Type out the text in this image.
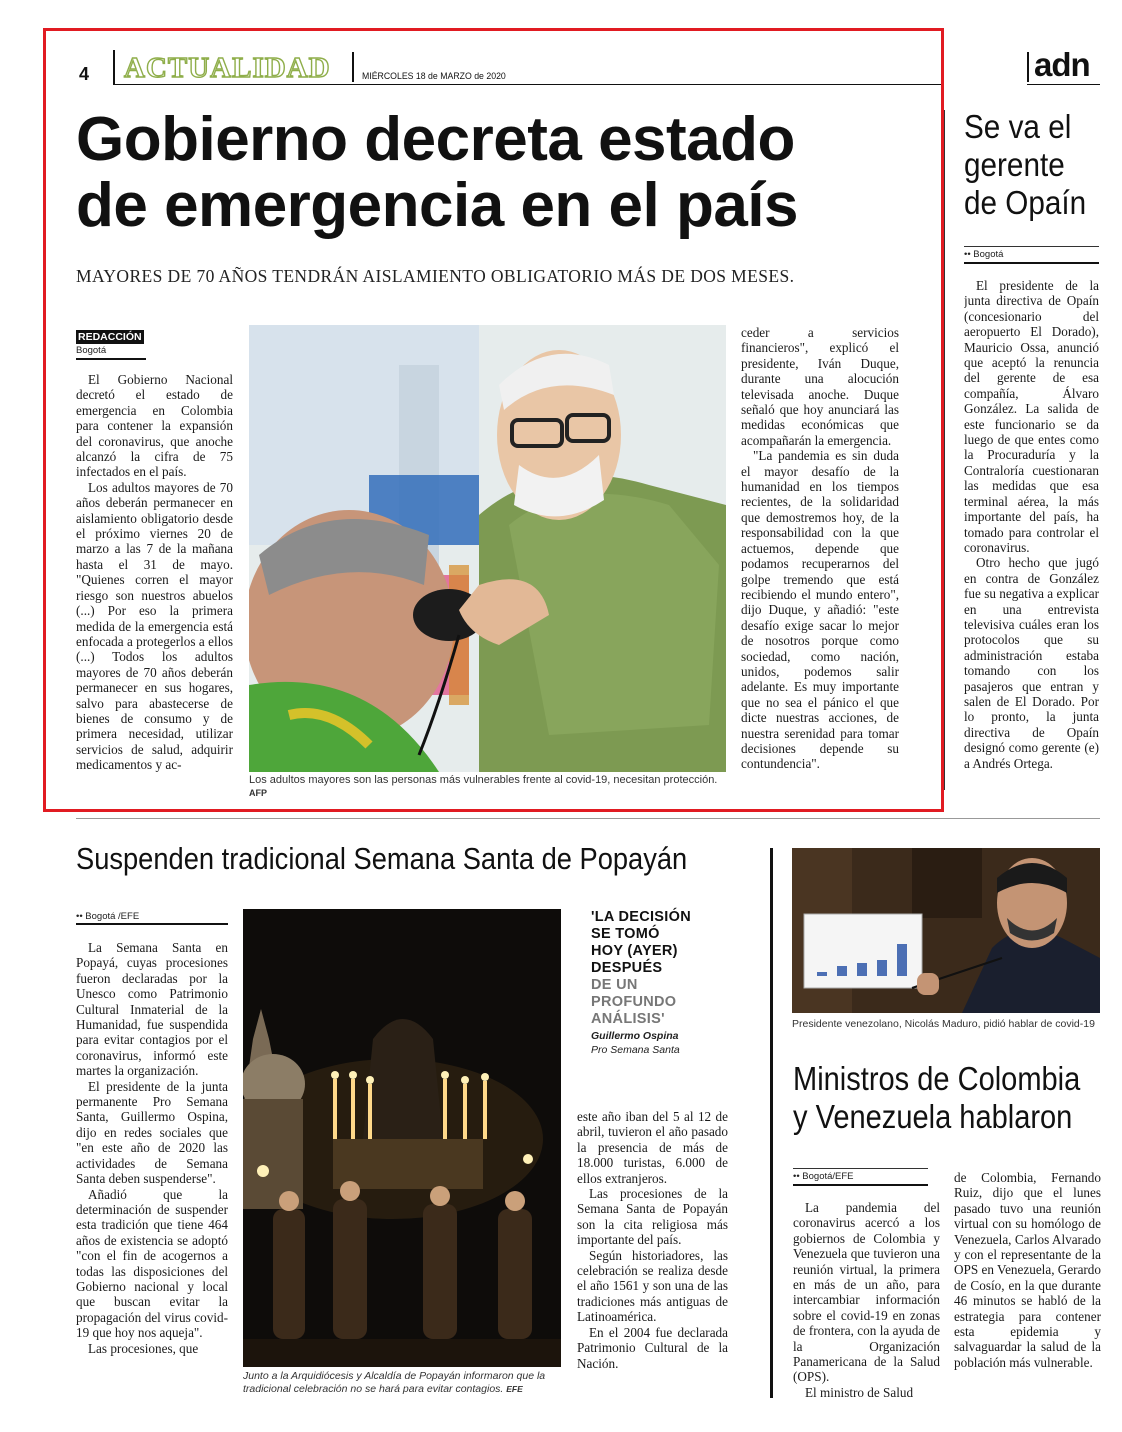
4 ACTUALIDAD	MIÉRCOLES 18 de MARZO de 2020	adn
Gobierno decreta estado
de emergencia en el país
MAYORES DE 70 AÑOS TENDRÁN AISLAMIENTO OBLIGATORIO MÁS DE DOS MESES.
REDACCIÓN
Bogotá

El Gobierno Nacional decretó el estado de emergencia en Colombia para contener la expansión del coronavirus, que anoche alcanzó la cifra de 75 infectados en el país.

Los adultos mayores de 70 años deberán permanecer en aislamiento obligatorio desde el próximo viernes 20 de marzo a las 7 de la mañana hasta el 31 de mayo. "Quienes corren el mayor riesgo son nuestros abuelos (...) Por eso la primera medida de la emergencia está enfocada a protegerlos a ellos (...) Todos los adultos mayores de 70 años deberán permanecer en sus hogares, salvo para abastecerse de bienes de consumo y de primera necesidad, utilizar servicios de salud, adquirir medicamentos y ac-

Los adultos mayores son las personas más vulnerables frente al covid-19, necesitan protección. AFP

ceder a servicios financieros", explicó el presidente, Iván Duque, durante una alocución televisada anoche. Duque señaló que hoy anunciará las medidas económicas que acompañarán la emergencia.

"La pandemia es sin duda el mayor desafío de la humanidad en los tiempos recientes, de la solidaridad que demostremos hoy, de la responsabilidad con la que actuemos, depende que podamos recuperarnos del golpe tremendo que está recibiendo el mundo entero", dijo Duque, y añadió: "este desafío exige sacar lo mejor de nosotros porque como sociedad, como nación, unidos, podemos salir adelante. Es muy importante que no sea el pánico el que dicte nuestras acciones, de nuestra serenidad para tomar decisiones depende su contundencia".

Se va el
gerente
de Opaín
•• Bogotá

El presidente de la junta directiva de Opaín (concesionario del aeropuerto El Dorado), Mauricio Ossa, anunció que aceptó la renuncia del gerente de esa compañía, Álvaro González. La salida de este funcionario se da luego de que entes como la Procuraduría y la Contraloría cuestionaran las medidas que esa terminal aérea, la más importante del país, ha tomado para controlar el coronavirus.

Otro hecho que jugó en contra de González fue su negativa a explicar en una entrevista televisiva cuáles eran los protocolos que su administración estaba tomando con los pasajeros que entran y salen de El Dorado. Por lo pronto, la junta directiva de Opaín designó como gerente (e) a Andrés Ortega.

Suspenden tradicional Semana Santa de Popayán
•• Bogotá /EFE

La Semana Santa en Popayá, cuyas procesiones fueron declaradas por la Unesco como Patrimonio Cultural Inmaterial de la Humanidad, fue suspendida para evitar contagios por el coronavirus, informó este martes la organización.

El presidente de la junta permanente Pro Semana Santa, Guillermo Ospina, dijo en redes sociales que "en este año de 2020 las actividades de Semana Santa deben suspenderse".

Añadió que la determinación de suspender esta tradición que tiene 464 años de existencia se adoptó "con el fin de acogernos a todas las disposiciones del Gobierno nacional y local que buscan evitar la propagación del virus covid-19 que hoy nos aqueja".

Las procesiones, que

Junto a la Arquidiócesis y Alcaldía de Popayán informaron que la tradicional celebración no se hará para evitar contagios. EFE
'LA DECISIÓN
SE TOMÓ
HOY (AYER)
DESPUÉS
DE UN
PROFUNDO
ANÁLISIS'
Guillermo Ospina
Pro Semana Santa

este año iban del 5 al 12 de abril, tuvieron el año pasado la presencia de más de 18.000 turistas, 6.000 de ellos extranjeros.

Las procesiones de la Semana Santa de Popayán son la cita religiosa más importante del país.

Según historiadores, las celebración se realiza desde el año 1561 y son una de las tradiciones más antiguas de Latinoamérica.

En el 2004 fue declarada Patrimonio Cultural de la Nación.

Presidente venezolano, Nicolás Maduro, pidió hablar de covid-19
Ministros de Colombia
y Venezuela hablaron
•• Bogotá/EFE

La pandemia del coronavirus acercó a los gobiernos de Colombia y Venezuela que tuvieron una reunión virtual, la primera en más de un año, para intercambiar información sobre el covid-19 en zonas de frontera, con la ayuda de la Organización Panamericana de la Salud (OPS).

El ministro de Salud

de Colombia, Fernando Ruiz, dijo que el lunes pasado tuvo una reunión virtual con su homólogo de Venezuela, Carlos Alvarado y con el representante de la OPS en Venezuela, Gerardo de Cosío, en la que durante 46 minutos se habló de la estrategia para contener esta epidemia y salvaguardar la salud de la población más vulnerable.
